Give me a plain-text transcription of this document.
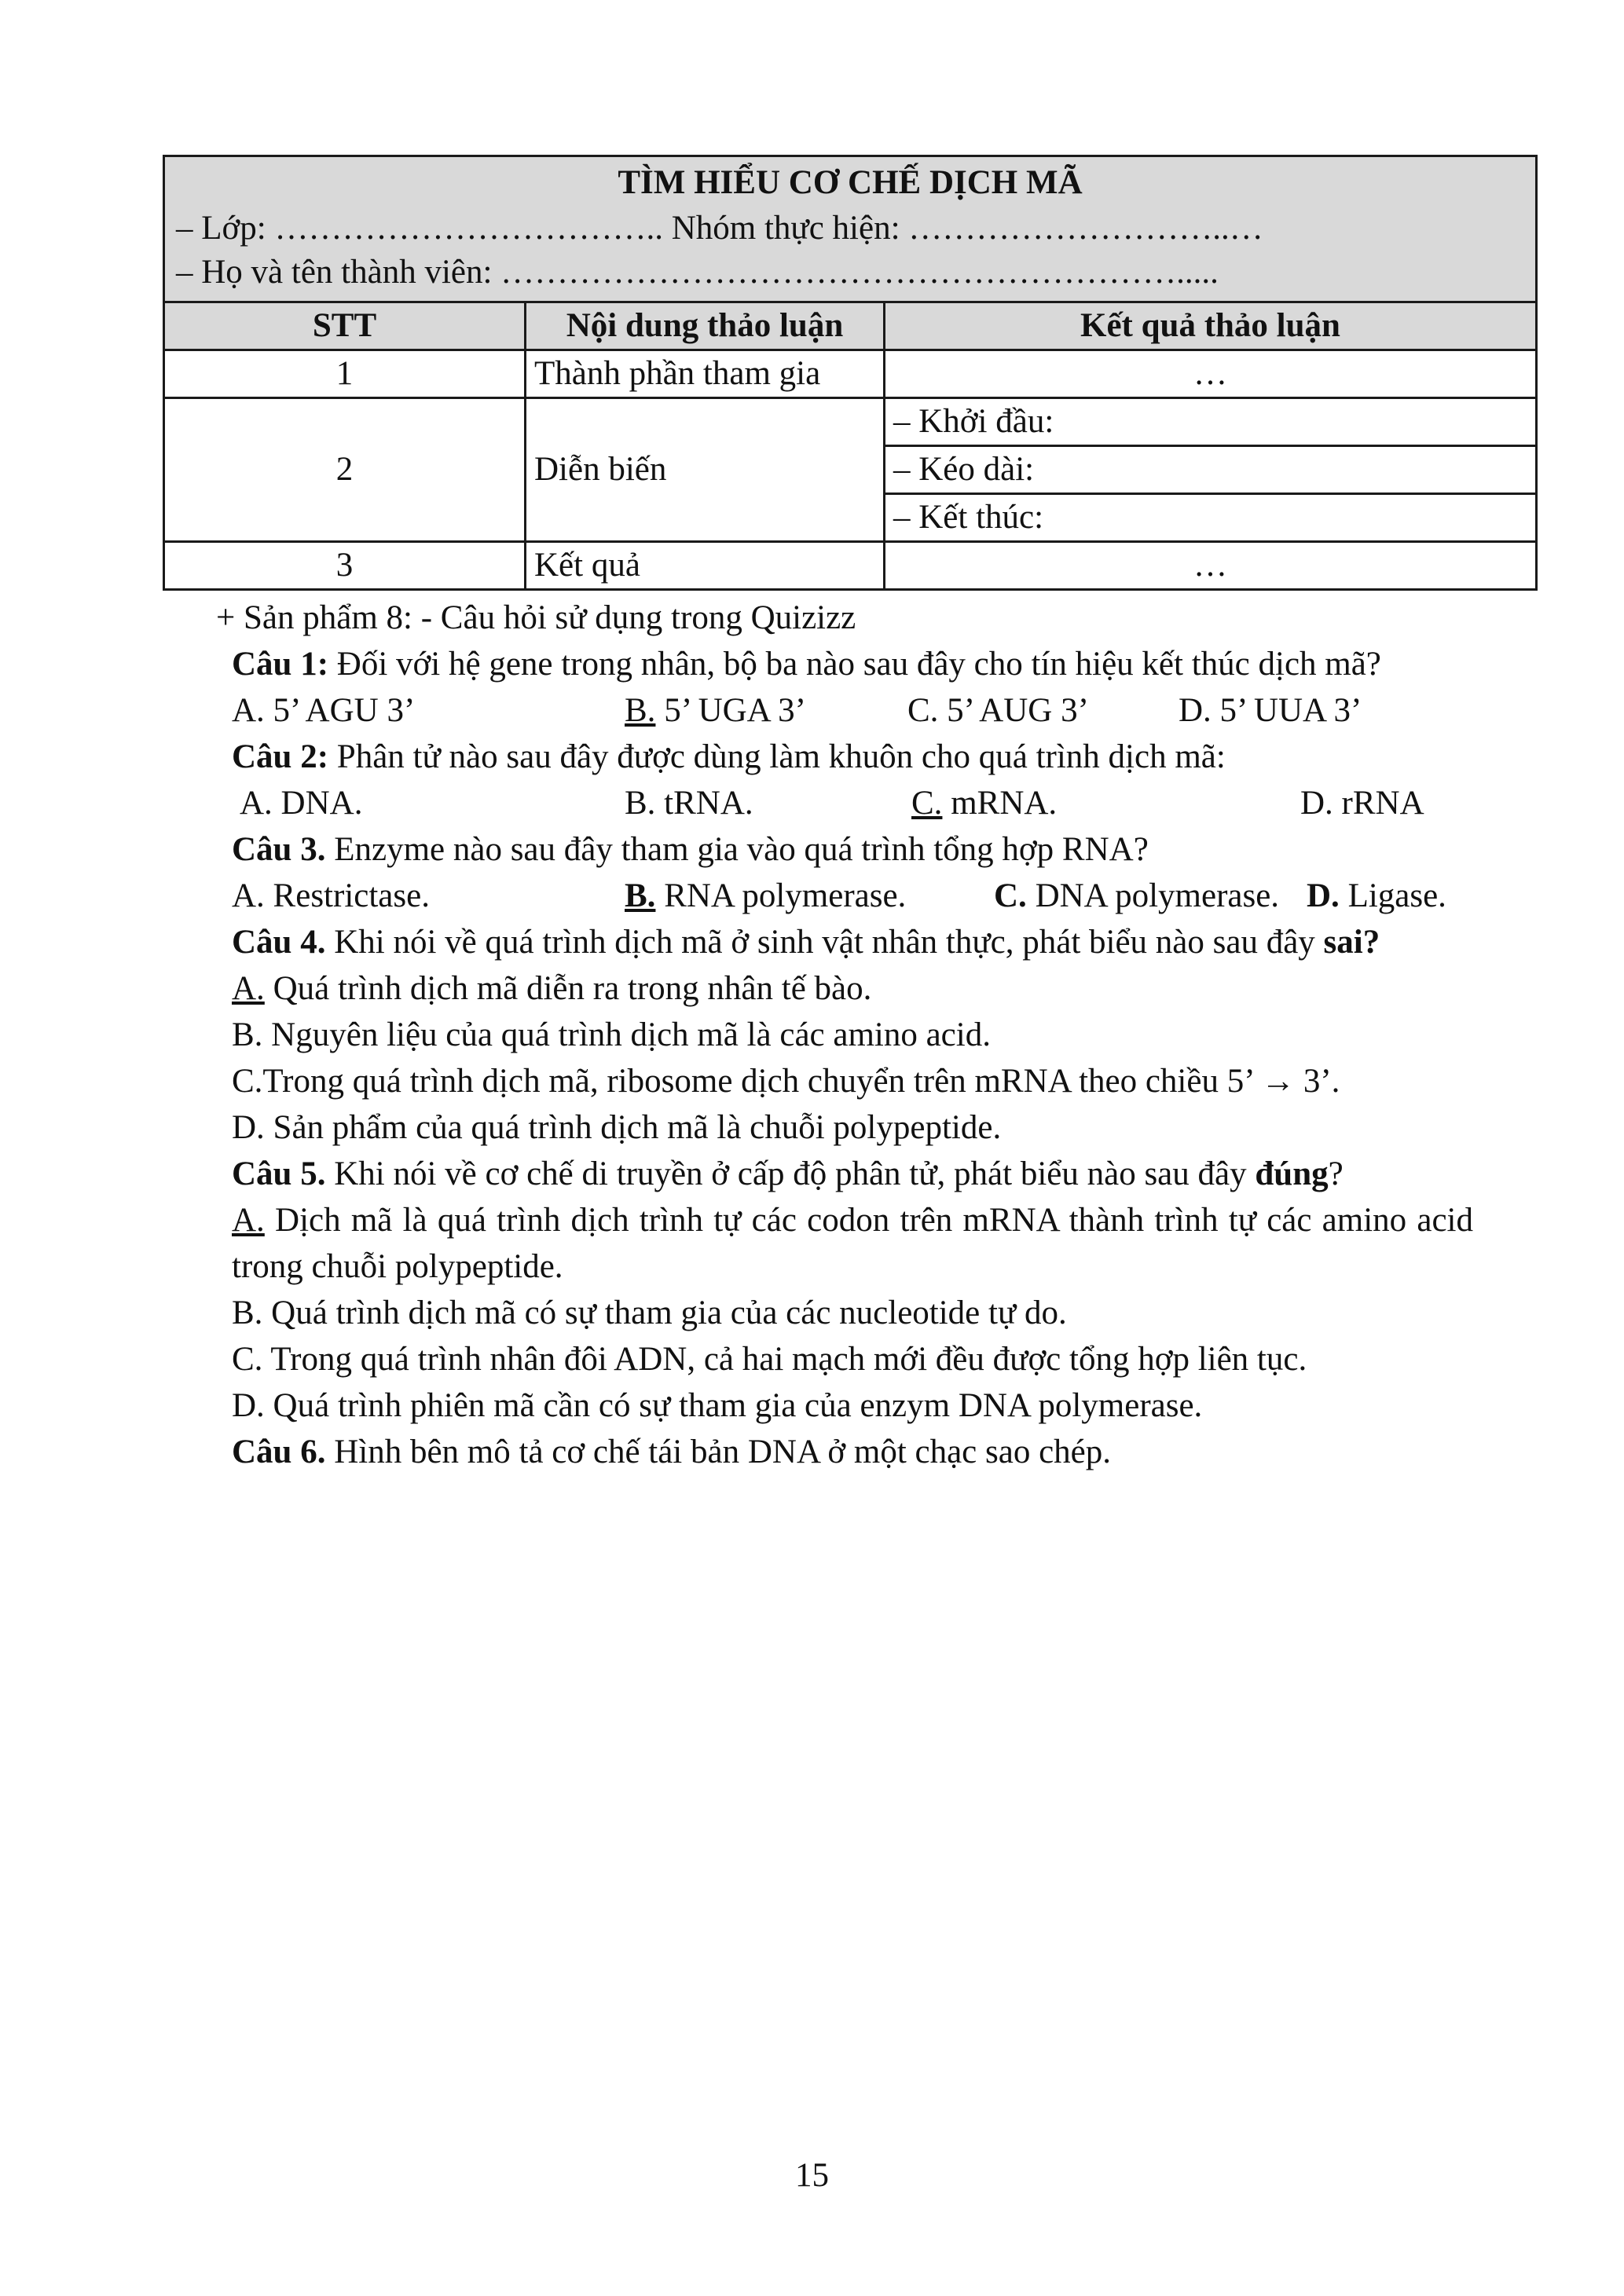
TÌM HIỂU CƠ CHẾ DỊCH MÃ
– Lớp: …………………………….. Nhóm thực hiện: ………………………..…
– Họ và tên thành viên: …………………………………………………….....		

STT	Nội dung thảo luận	Kết quả thảo luận
1	Thành phần tham gia	…
2	Diễn biến	– Khởi đầu:
		– Kéo dài:
		– Kết thúc:
3	Kết quả	…
+ Sản phẩm 8: - Câu hỏi sử dụng trong Quizizz
Câu 1: Đối với hệ gene trong nhân, bộ ba nào sau đây cho tín hiệu kết thúc dịch mã?
A. 5’ AGU 3’	B. 5’ UGA 3’	C. 5’ AUG 3’	D. 5’ UUA 3’
Câu 2: Phân tử nào sau đây được dùng làm khuôn cho quá trình dịch mã:
A. DNA.	B. tRNA.	C. mRNA.	D. rRNA
Câu 3. Enzyme nào sau đây tham gia vào quá trình tổng hợp RNA?
A. Restrictase.	B. RNA polymerase.	C. DNA polymerase. D. Ligase.
Câu 4. Khi nói về quá trình dịch mã ở sinh vật nhân thực, phát biểu nào sau đây sai?
A. Quá trình dịch mã diễn ra trong nhân tế bào.
B. Nguyên liệu của quá trình dịch mã là các amino acid.
C.Trong quá trình dịch mã, ribosome dịch chuyển trên mRNA theo chiều 5’ → 3’.
D. Sản phẩm của quá trình dịch mã là chuỗi polypeptide.
Câu 5. Khi nói về cơ chế di truyền ở cấp độ phân tử, phát biểu nào sau đây đúng?
A. Dịch mã là quá trình dịch trình tự các codon trên mRNA thành trình tự các amino acid trong chuỗi polypeptide.
B. Quá trình dịch mã có sự tham gia của các nucleotide tự do.
C. Trong quá trình nhân đôi ADN, cả hai mạch mới đều được tổng hợp liên tục.
D. Quá trình phiên mã cần có sự tham gia của enzym DNA polymerase.
Câu 6. Hình bên mô tả cơ chế tái bản DNA ở một chạc sao chép.
15
